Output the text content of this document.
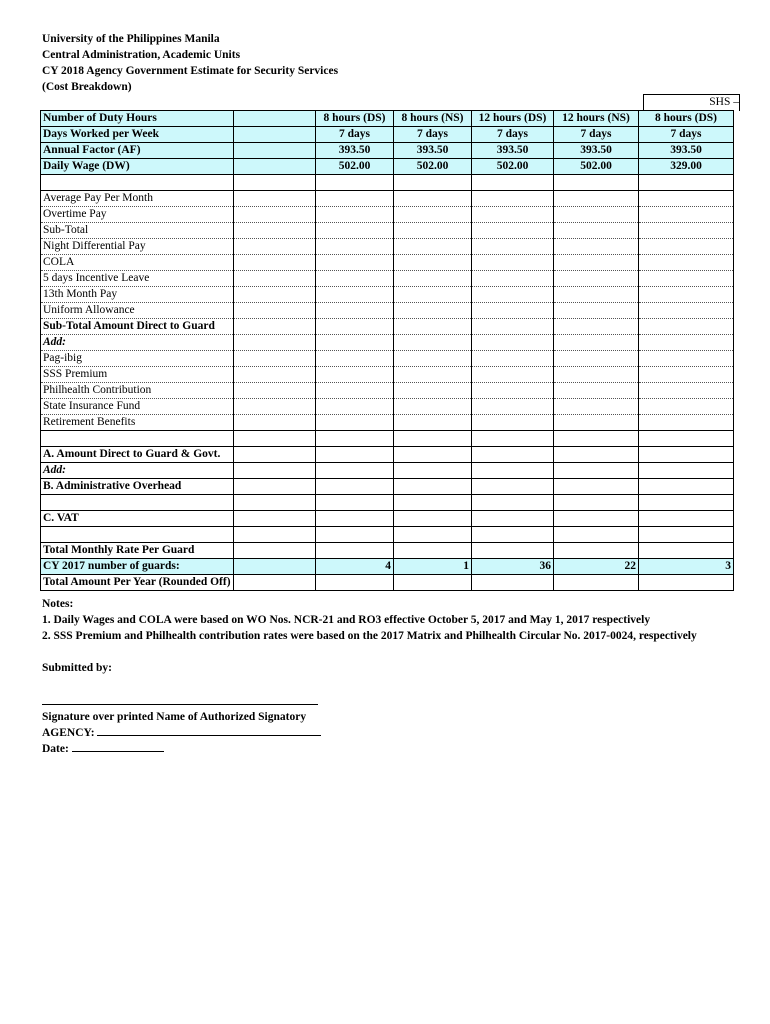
University of the Philippines Manila
Central Administration, Academic Units
CY 2018 Agency Government Estimate for Security Services
(Cost Breakdown)
SHS –
Number of Duty Hours		8 hours (DS)	8 hours (NS)	12 hours (DS)	12 hours (NS)	8 hours (DS)
Days Worked per Week		7 days	7 days	7 days	7 days	7 days
Annual Factor (AF)		393.50	393.50	393.50	393.50	393.50
Daily Wage (DW)		502.00	502.00	502.00	502.00	329.00

Average Pay Per Month						
Overtime Pay						
Sub-Total						
Night Differential Pay						
COLA						
5 days Incentive Leave						
13th Month Pay						
Uniform Allowance						
Sub-Total Amount Direct to Guard						
Add:						
Pag-ibig						
SSS Premium						
Philhealth Contribution						
State Insurance Fund						
Retirement Benefits						

A. Amount Direct to Guard & Govt.						
Add:						
B. Administrative Overhead						

C. VAT						

Total Monthly Rate Per Guard						
CY 2017 number of guards:		4	1	36	22	3
Total Amount Per Year (Rounded Off)						
Notes:
1. Daily Wages and COLA were based on WO Nos. NCR-21 and RO3 effective October 5, 2017 and May 1, 2017 respectively
2. SSS Premium and Philhealth contribution rates were based on the 2017 Matrix and Philhealth Circular No. 2017-0024, respectively
Submitted by:
Signature over printed Name of Authorized Signatory
AGENCY:
Date:
